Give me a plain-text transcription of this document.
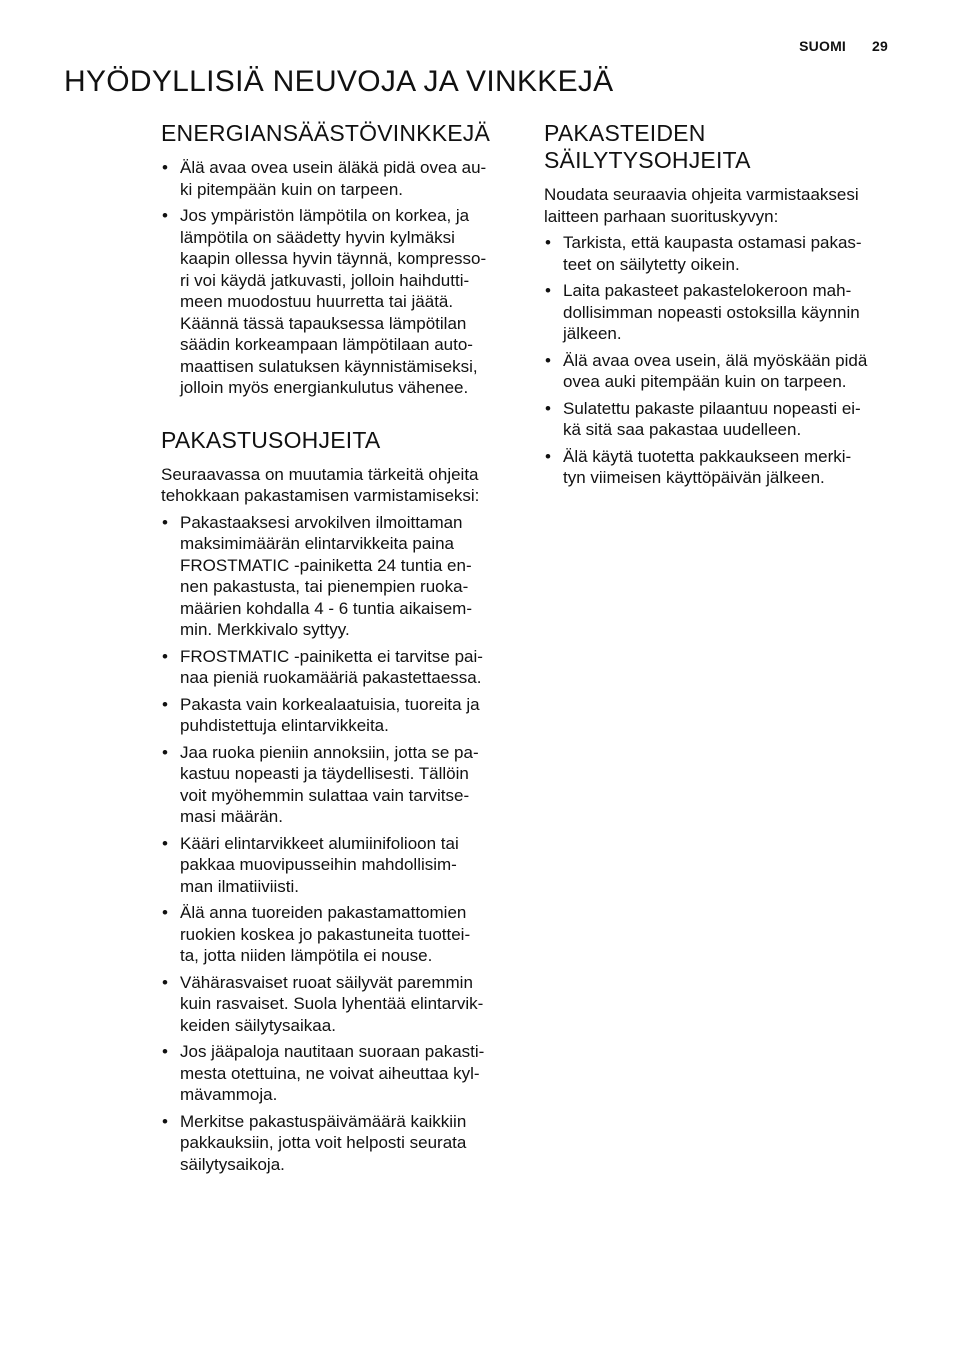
SUOMI 29
HYÖDYLLISIÄ NEUVOJA JA VINKKEJÄ
ENERGIANSÄÄSTÖVINKKEJÄ
• Älä avaa ovea usein äläkä pidä ovea au-
ki pitempään kuin on tarpeen.
• Jos ympäristön lämpötila on korkea, ja
lämpötila on säädetty hyvin kylmäksi
kaapin ollessa hyvin täynnä, kompresso-
ri voi käydä jatkuvasti, jolloin haihdutti-
meen muodostuu huurretta tai jäätä.
Käännä tässä tapauksessa lämpötilan
säädin korkeampaan lämpötilaan auto-
maattisen sulatuksen käynnistämiseksi,
jolloin myös energiankulutus vähenee.
PAKASTUSOHJEITA

Seuraavassa on muutamia tärkeitä ohjeita
tehokkaan pakastamisen varmistamiseksi:

• Pakastaaksesi arvokilven ilmoittaman
maksimimäärän elintarvikkeita paina
FROSTMATIC -painiketta 24 tuntia en-
nen pakastusta, tai pienempien ruoka-
määrien kohdalla 4 - 6 tuntia aikaisem-
min. Merkkivalo syttyy.
• FROSTMATIC -painiketta ei tarvitse pai-
naa pieniä ruokamääriä pakastettaessa.
• Pakasta vain korkealaatuisia, tuoreita ja
puhdistettuja elintarvikkeita.
• Jaa ruoka pieniin annoksiin, jotta se pa-
kastuu nopeasti ja täydellisesti. Tällöin
voit myöhemmin sulattaa vain tarvitse-
masi määrän.
• Kääri elintarvikkeet alumiinifolioon tai
pakkaa muovipusseihin mahdollisim-
man ilmatiiviisti.
• Älä anna tuoreiden pakastamattomien
ruokien koskea jo pakastuneita tuottei-
ta, jotta niiden lämpötila ei nouse.
• Vähärasvaiset ruoat säilyvät paremmin
kuin rasvaiset. Suola lyhentää elintarvik-
keiden säilytysaikaa.
• Jos jääpaloja nautitaan suoraan pakasti-
mesta otettuina, ne voivat aiheuttaa kyl-
mävammoja.
• Merkitse pakastuspäivämäärä kaikkiin
pakkauksiin, jotta voit helposti seurata
säilytysaikoja.
PAKASTEIDEN
SÄILYTYSOHJEITA

Noudata seuraavia ohjeita varmistaaksesi
laitteen parhaan suorituskyvyn:

• Tarkista, että kaupasta ostamasi pakas-
teet on säilytetty oikein.
• Laita pakasteet pakastelokeroon mah-
dollisimman nopeasti ostoksilla käynnin
jälkeen.
• Älä avaa ovea usein, älä myöskään pidä
ovea auki pitempään kuin on tarpeen.
• Sulatettu pakaste pilaantuu nopeasti ei-
kä sitä saa pakastaa uudelleen.
• Älä käytä tuotetta pakkaukseen merki-
tyn viimeisen käyttöpäivän jälkeen.
